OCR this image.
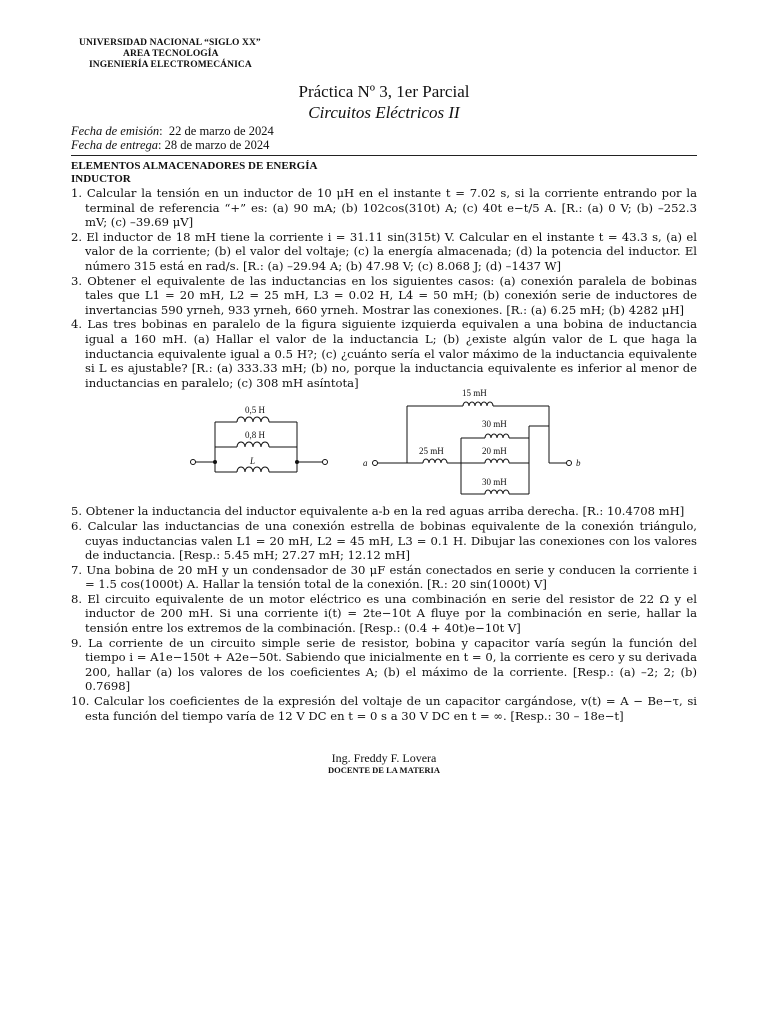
UNIVERSIDAD NACIONAL “SIGLO XX”
AREA TECNOLOGÍA
INGENIERÍA ELECTROMECÁNICA
Práctica Nº 3, 1er Parcial
Circuitos Eléctricos II
Fecha de emisión:  22 de marzo de 2024
Fecha de entrega: 28 de marzo de 2024
ELEMENTOS ALMACENADORES DE ENERGÍA
INDUCTOR

1. Calcular la tensión en un inductor de 10 μH en el instante t = 7.02 s, si la corriente entrando por la terminal de referencia “+” es: (a) 90 mA; (b) 102cos(310t) A; (c) 40t e−t/5 A. [R.: (a) 0 V; (b) –252.3 mV; (c) –39.69 μV]

2. El inductor de 18 mH tiene la corriente i = 31.11 sin(315t) V. Calcular en el instante t = 43.3 s, (a) el valor de la corriente; (b) el valor del voltaje; (c) la energía almacenada; (d) la potencia del inductor. El número 315 está en rad/s. [R.: (a) –29.94 A; (b) 47.98 V; (c) 8.068 J; (d) –1437 W]

3. Obtener el equivalente de las inductancias en los siguientes casos: (a) conexión paralela de bobinas tales que L1 = 20 mH, L2 = 25 mH, L3 = 0.02 H, L4 = 50 mH; (b) conexión serie de inductores de invertancias 590 yrneh, 933 yrneh, 660 yrneh. Mostrar las conexiones. [R.: (a) 6.25 mH; (b) 4282 μH]

4. Las tres bobinas en paralelo de la figura siguiente izquierda equivalen a una bobina de inductancia igual a 160 mH. (a) Hallar el valor de la inductancia L; (b) ¿existe algún valor de L que haga la inductancia equivalente igual a 0.5 H?; (c) ¿cuánto sería el valor máximo de la inductancia equivalente si L es ajustable? [R.: (a) 333.33 mH; (b) no, porque la inductancia equivalente es inferior al menor de inductancias en paralelo; (c) 308 mH asíntota]

0,5 H
0,8 H
L	a	b
15 mH
30 mH
25 mH	20 mH
30 mH

5. Obtener la inductancia del inductor equivalente a-b en la red aguas arriba derecha. [R.: 10.4708 mH]

6. Calcular las inductancias de una conexión estrella de bobinas equivalente de la conexión triángulo, cuyas inductancias valen L1 = 20 mH, L2 = 45 mH, L3 = 0.1 H. Dibujar las conexiones con los valores de inductancia. [Resp.: 5.45 mH; 27.27 mH; 12.12 mH]

7. Una bobina de 20 mH y un condensador de 30 μF están conectados en serie y conducen la corriente i = 1.5 cos(1000t) A. Hallar la tensión total de la conexión. [R.: 20 sin(1000t) V]

8. El circuito equivalente de un motor eléctrico es una combinación en serie del resistor de 22 Ω y el inductor de 200 mH. Si una corriente i(t) = 2te−10t A fluye por la combinación en serie, hallar la tensión entre los extremos de la combinación. [Resp.: (0.4 + 40t)e−10t V]

9. La corriente de un circuito simple serie de resistor, bobina y capacitor varía según la función del tiempo i = A1e−150t + A2e−50t. Sabiendo que inicialmente en t = 0, la corriente es cero y su derivada 200, hallar (a) los valores de los coeficientes A; (b) el máximo de la corriente. [Resp.: (a) –2; 2; (b) 0.7698]

10. Calcular los coeficientes de la expresión del voltaje de un capacitor cargándose, v(t) = A − Be−τ, si esta función del tiempo varía de 12 V DC en t = 0 s a 30 V DC en t = ∞. [Resp.: 30 – 18e−t]

Ing. Freddy F. Lovera
DOCENTE DE LA MATERIA
